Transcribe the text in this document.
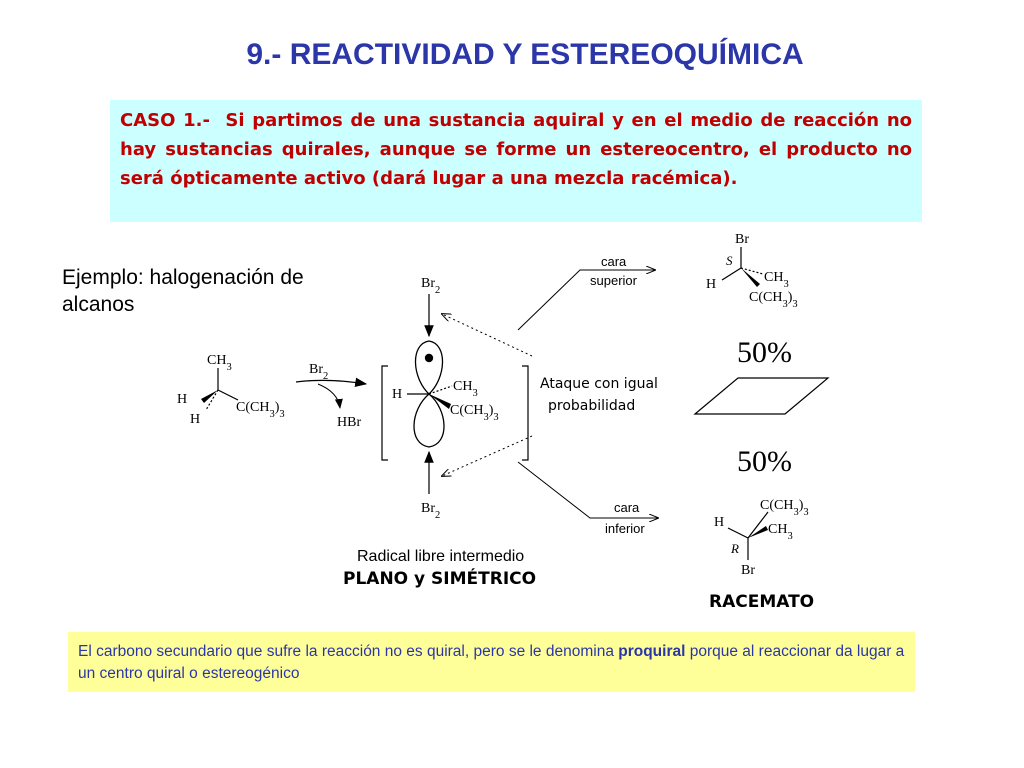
9.- REACTIVIDAD Y ESTEREOQUÍMICA
CASO 1.- Si partimos de una sustancia aquiral y en el medio de reacción no hay sustancias quirales, aunque se forme un estereocentro, el producto no será ópticamente activo (dará lugar a una mezcla racémica).
Ejemplo: halogenación de alcanos
$CH_3$
H
H
$C(CH_3)_3$
$Br_2$
HBr
H
$CH_3$
$C(CH_3)_3$
$Br_2$
$Br_2$
Ataque con igual
probabilidad
cara
superior
cara
inferior
Br
S
H	$CH_3$
$C(CH_3)_3$
50%
50%
$C(CH_3)_3$
H	$CH_3$
R
Br
Radical libre intermedio
PLANO y SIMÉTRICO
RACEMATO
El carbono secundario que sufre la reacción no es quiral, pero se le denomina proquiral porque al reaccionar da lugar a un centro quiral o estereogénico
